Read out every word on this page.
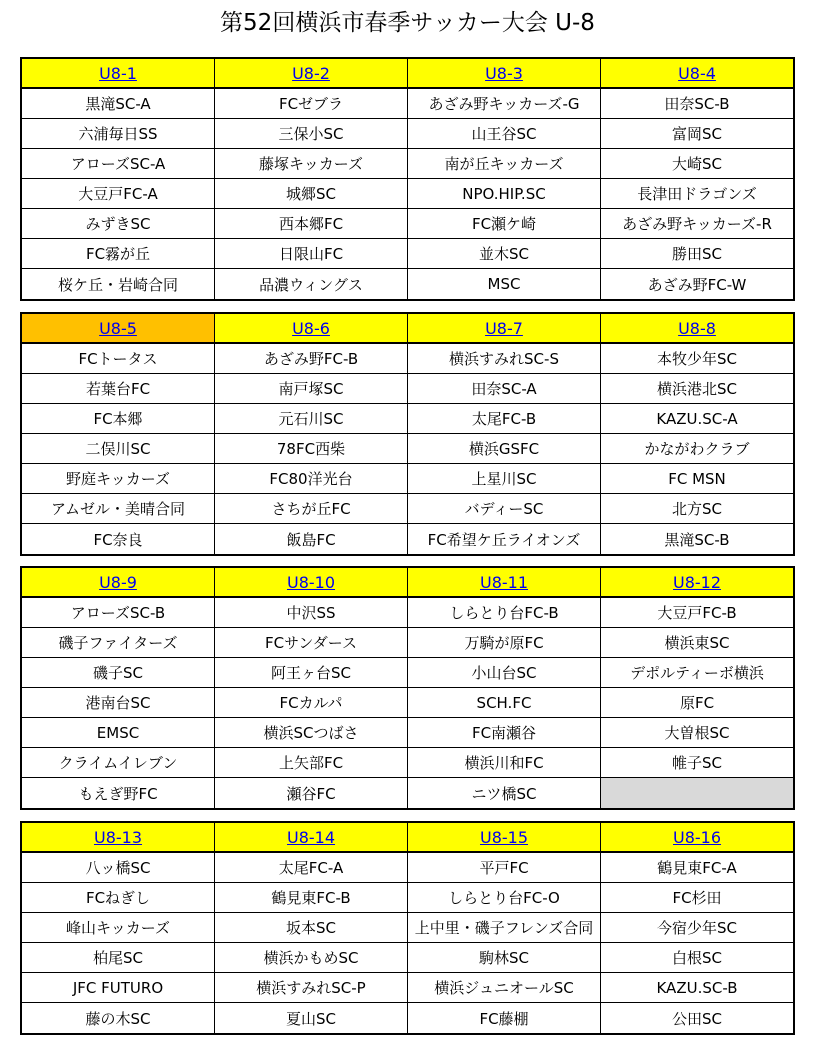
第52回横浜市春季サッカー大会 U-8
U8-1	U8-2	U8-3	U8-4
黒滝SC-A	FCゼブラ	あざみ野キッカーズ-G	田奈SC-B
六浦毎日SS	三保小SC	山王谷SC	富岡SC
アローズSC-A	藤塚キッカーズ	南が丘キッカーズ	大崎SC
大豆戸FC-A	城郷SC	NPO.HIP.SC	長津田ドラゴンズ
みずきSC	西本郷FC	FC瀬ケ崎	あざみ野キッカーズ-R
FC霧が丘	日限山FC	並木SC	勝田SC
桜ケ丘・岩崎合同	品濃ウィングス	MSC	あざみ野FC-W
U8-5	U8-6	U8-7	U8-8
FCトータス	あざみ野FC-B	横浜すみれSC-S	本牧少年SC
若葉台FC	南戸塚SC	田奈SC-A	横浜港北SC
FC本郷	元石川SC	太尾FC-B	KAZU.SC-A
二俣川SC	78FC西柴	横浜GSFC	かながわクラブ
野庭キッカーズ	FC80洋光台	上星川SC	FC MSN
アムゼル・美晴合同	さちが丘FC	バディーSC	北方SC
FC奈良	飯島FC	FC希望ケ丘ライオンズ	黒滝SC-B
U8-9	U8-10	U8-11	U8-12
アローズSC-B	中沢SS	しらとり台FC-B	大豆戸FC-B
磯子ファイターズ	FCサンダース	万騎が原FC	横浜東SC
磯子SC	阿王ヶ台SC	小山台SC	デポルティーボ横浜
港南台SC	FCカルパ	SCH.FC	原FC
EMSC	横浜SCつばさ	FC南瀬谷	大曽根SC
クライムイレブン	上矢部FC	横浜川和FC	帷子SC
もえぎ野FC	瀬谷FC	ニツ橋SC
U8-13	U8-14	U8-15	U8-16
八ッ橋SC	太尾FC-A	平戸FC	鶴見東FC-A
FCねぎし	鶴見東FC-B	しらとり台FC-O	FC杉田
峰山キッカーズ	坂本SC	上中里・磯子フレンズ合同	今宿少年SC
柏尾SC	横浜かもめSC	駒林SC	白根SC
JFC FUTURO	横浜すみれSC-P	横浜ジュニオールSC	KAZU.SC-B
藤の木SC	夏山SC	FC藤棚	公田SC
